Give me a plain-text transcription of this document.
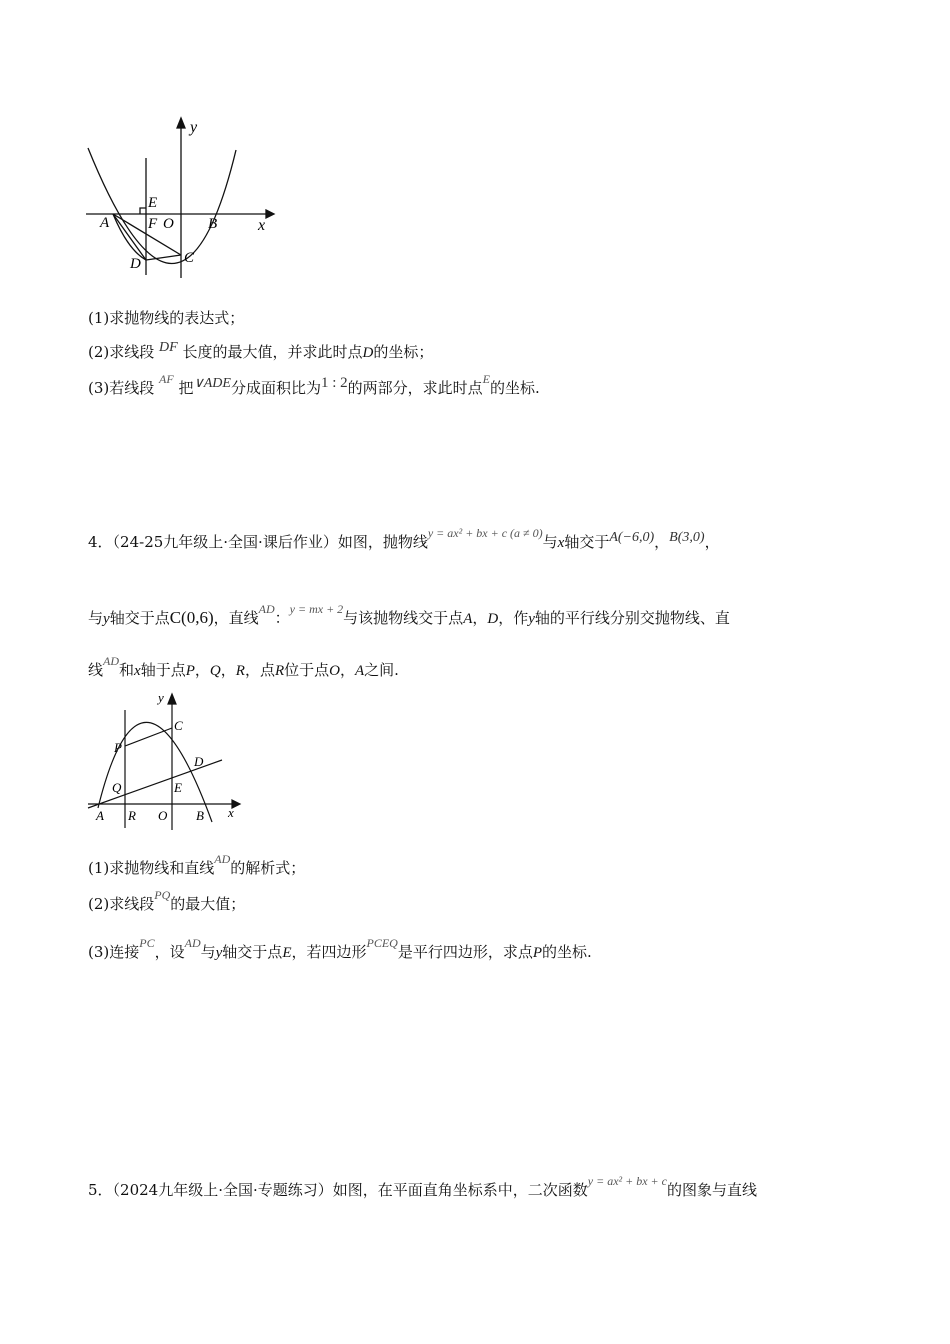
y
x
E
A	F O B
D	C
(1)求抛物线的表达式；
(2)求线段 DF 长度的最大值，并求此时点D的坐标；
(3)若线段 $^{AF}$ 把∨ADE分成面积比为1 : 2的两部分，求此时点$^E$的坐标.
4．（24-25九年级上·全国·课后作业）如图，抛物线$^{y = ax^2 + bx + c (a \ne 0)}$与x轴交于A(−6,0)，B(3,0)，
与y轴交于点C(0,6)，直线$^{AD}$：$^{y = mx + 2}$与该抛物线交于点A，D，作y轴的平行线分别交抛物线、直
线$^{AD}$和x轴于点P，Q，R，点R位于点O，A之间.
y
x
C
P
D
Q	E
A R O B
(1)求抛物线和直线$^{AD}$的解析式；
(2)求线段$^{PQ}$的最大值；
(3)连接$^{PC}$，设$^{AD}$与y轴交于点E，若四边形$^{PCEQ}$是平行四边形，求点P的坐标.
5．（2024九年级上·全国·专题练习）如图，在平面直角坐标系中，二次函数$^{y = ax^2 + bx + c}$的图象与直线
